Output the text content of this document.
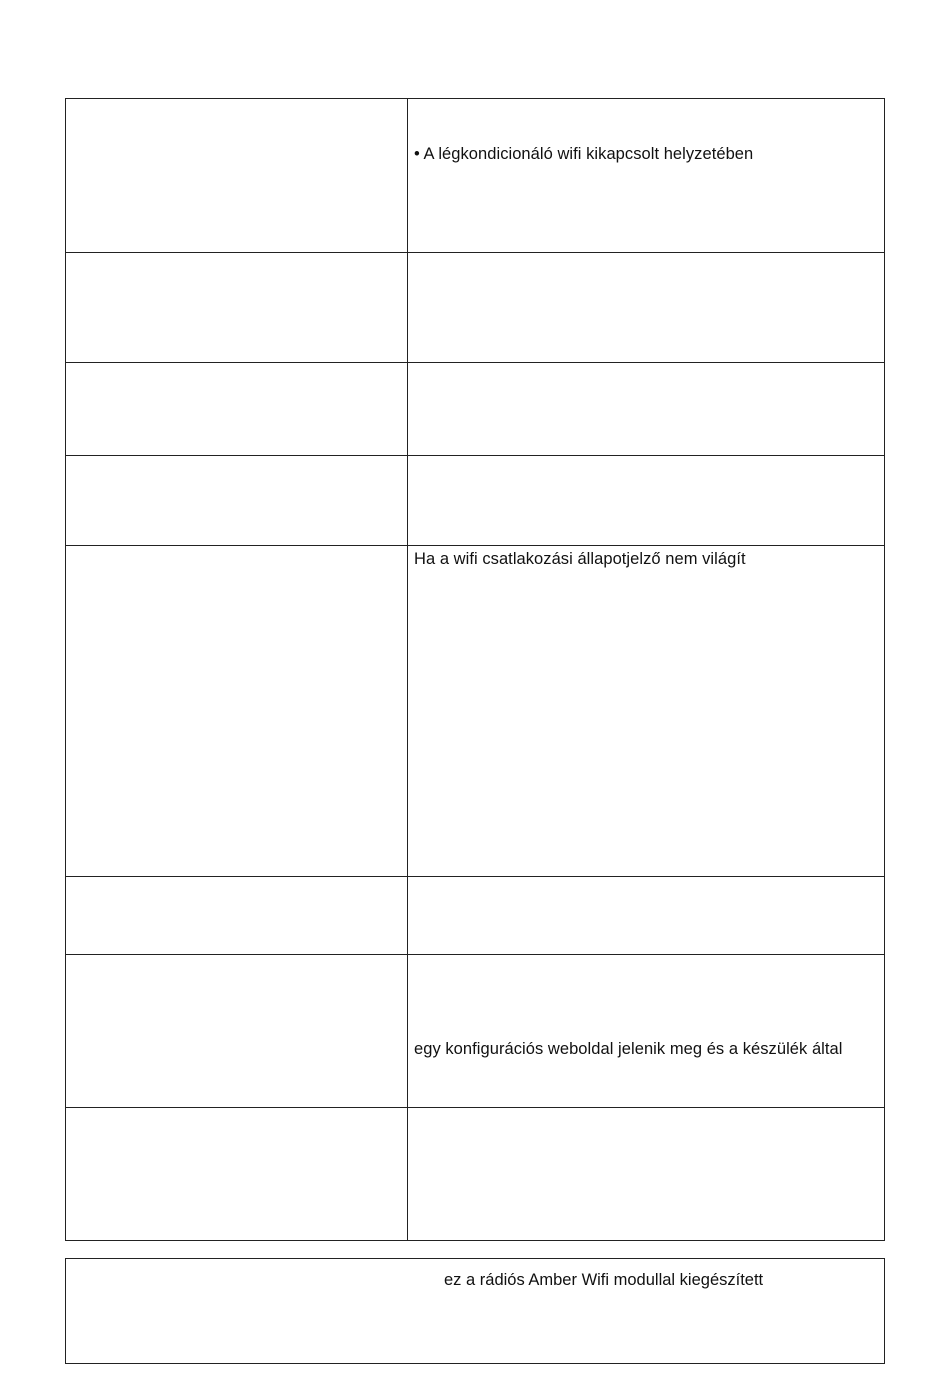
• A légkondicionáló wifi kikapcsolt helyzetében
Ha a wifi csatlakozási állapotjelző nem világít
egy konfigurációs weboldal jelenik meg és a készülék által
ez a rádiós Amber Wifi modullal kiegészített
